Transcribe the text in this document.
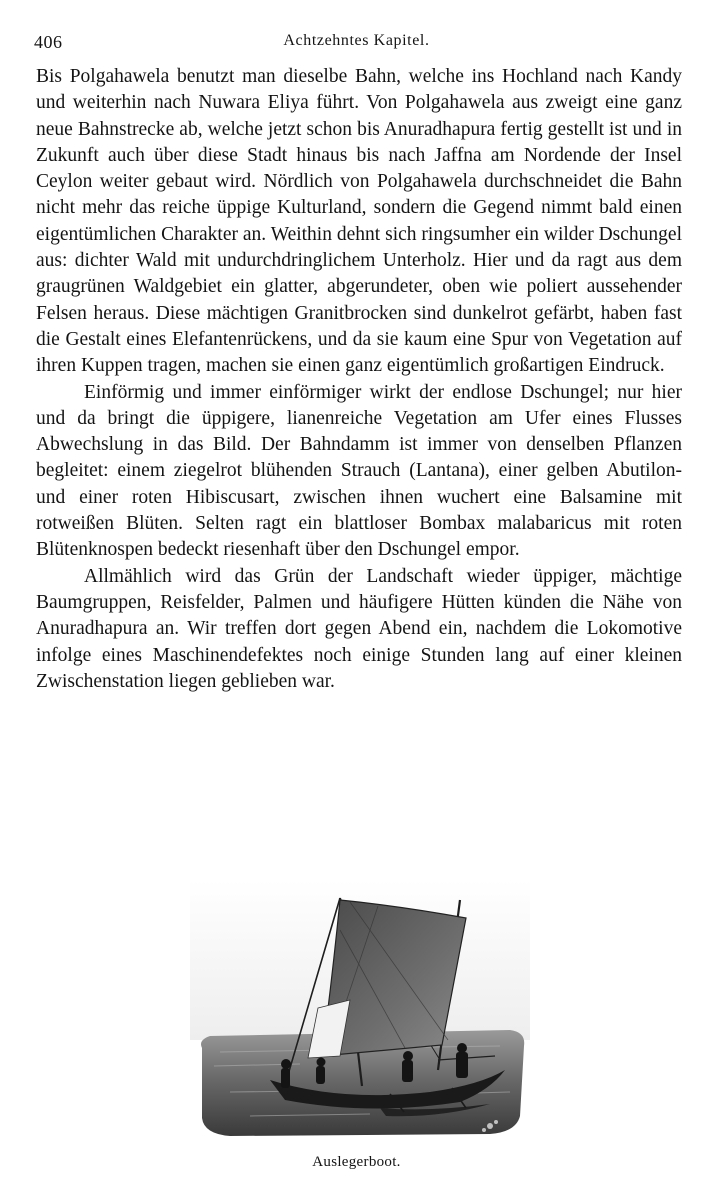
406	Achtzehntes Kapitel.

Bis Polgahawela benutzt man dieselbe Bahn, welche ins Hochland nach Kandy und weiterhin nach Nuwara Eliya führt. Von Polgahawela aus zweigt eine ganz neue Bahnstrecke ab, welche jetzt schon bis Anuradhapura fertig gestellt ist und in Zukunft auch über diese Stadt hinaus bis nach Jaffna am Nordende der Insel Ceylon weiter gebaut wird. Nördlich von Polgahawela durchschneidet die Bahn nicht mehr das reiche üppige Kulturland, sondern die Gegend nimmt bald einen eigentümlichen Charakter an. Weithin dehnt sich ringsumher ein wilder Dschungel aus: dichter Wald mit undurchdringlichem Unterholz. Hier und da ragt aus dem graugrünen Waldgebiet ein glatter, abgerundeter, oben wie poliert aussehender Felsen heraus. Diese mächtigen Granitbrocken sind dunkelrot gefärbt, haben fast die Gestalt eines Elefantenrückens, und da sie kaum eine Spur von Vegetation auf ihren Kuppen tragen, machen sie einen ganz eigentümlich großartigen Eindruck.

Einförmig und immer einförmiger wirkt der endlose Dschungel; nur hier und da bringt die üppigere, lianenreiche Vegetation am Ufer eines Flusses Abwechslung in das Bild. Der Bahndamm ist immer von denselben Pflanzen begleitet: einem ziegelrot blühenden Strauch (Lantana), einer gelben Abutilon- und einer roten Hibiscusart, zwischen ihnen wuchert eine Balsamine mit rotweißen Blüten. Selten ragt ein blattloser Bombax malabaricus mit roten Blütenknospen bedeckt riesenhaft über den Dschungel empor.

Allmählich wird das Grün der Landschaft wieder üppiger, mächtige Baumgruppen, Reisfelder, Palmen und häufigere Hütten künden die Nähe von Anuradhapura an. Wir treffen dort gegen Abend ein, nachdem die Lokomotive infolge eines Maschinendefektes noch einige Stunden lang auf einer kleinen Zwischenstation liegen geblieben war.

Auslegerboot.
